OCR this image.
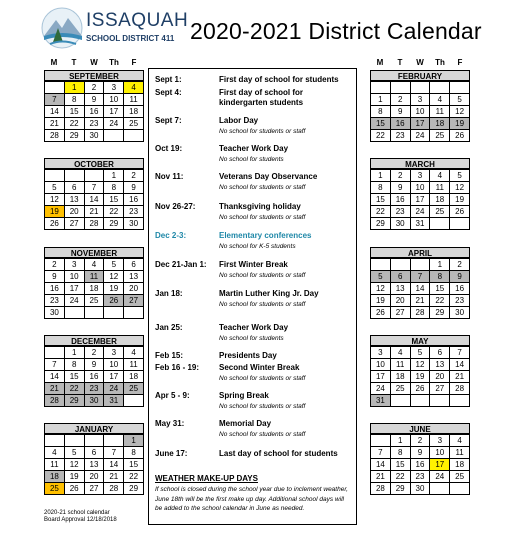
ISSAQUAH
SCHOOL DISTRICT 411 2020-2021 District Calendar
M T W Th F	M T W Th F
SEPTEMBER
	1	2	3	4
7	8	9	10	11
14	15	16	17	18
21	22	23	24	25
28	29	30		
OCTOBER
			1	2
5	6	7	8	9
12	13	14	15	16
19	20	21	22	23
26	27	28	29	30
NOVEMBER
2	3	4	5	6
9	10	11	12	13
16	17	18	19	20
23	24	25	26	27
30				
DECEMBER
	1	2	3	4
7	8	9	10	11
14	15	16	17	18
21	22	23	24	25
28	29	30	31	
JANUARY
				1
4	5	6	7	8
11	12	13	14	15
18	19	20	21	22
25	26	27	28	29
FEBRUARY

1	2	3	4	5
8	9	10	11	12
15	16	17	18	19
22	23	24	25	26
MARCH
1	2	3	4	5
8	9	10	11	12
15	16	17	18	19
22	23	24	25	26
29	30	31		
APRIL
			1	2
5	6	7	8	9
12	13	14	15	16
19	20	21	22	23
26	27	28	29	30
MAY
3	4	5	6	7
10	11	12	13	14
17	18	19	20	21
24	25	26	27	28
31				
JUNE
	1	2	3	4
7	8	9	10	11
14	15	16	17	18
21	22	23	24	25
28	29	30		
Sept 1:	First day of school for students
Sept 4:	First day of school for kindergarten students
Sept 7:	Labor Day
No school for students or staff
Oct 19:	Teacher Work Day
No school for students
Nov 11:	Veterans Day Observance
No school for students or staff
Nov 26-27:	Thanksgiving holiday
No school for students or staff
Dec 2-3:	Elementary conferences
No school for K-5 students
Dec 21-Jan 1: First Winter Break
No school for students or staff
Jan 18:	Martin Luther King Jr. Day
No school for students or staff
Jan 25:	Teacher Work Day
No school for students
Feb 15:	Presidents Day
Feb 16 - 19: Second Winter Break
No school for students or staff
Apr 5 - 9:	Spring Break
No school for students or staff
May 31:	Memorial Day
No school for students or staff
June 17:	Last day of school for students
WEATHER MAKE-UP DAYS
If school is closed during the school year due to inclement weather, June 18th will be the first make up day. Additional school days will be added to the school calendar in June as needed.
2020-21 school calendar
Board Approval 12/18/2018
